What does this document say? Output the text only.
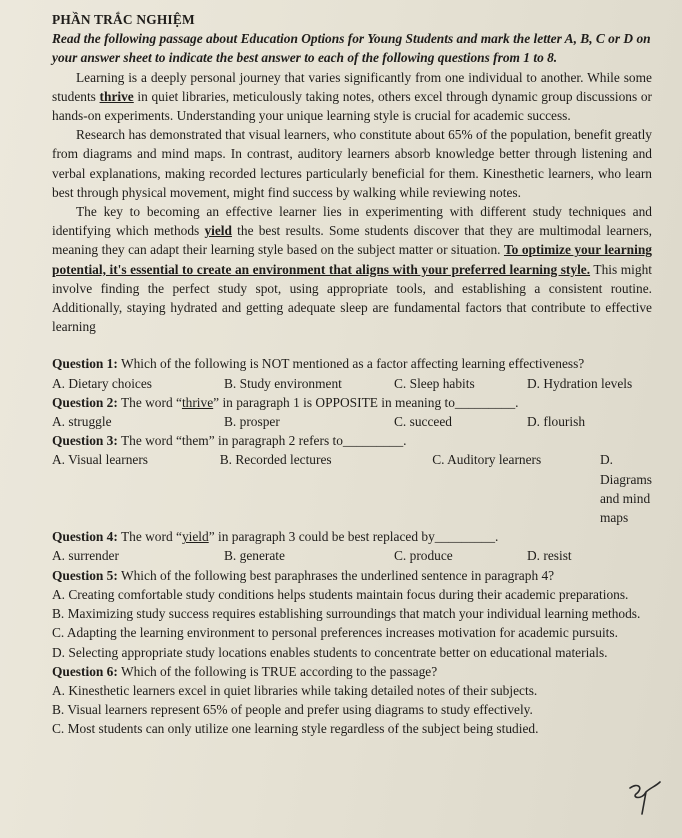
PHẦN TRẮC NGHIỆM

Read the following passage about Education Options for Young Students and mark the letter A, B, C or D on your answer sheet to indicate the best answer to each of the following questions from 1 to 8.

Learning is a deeply personal journey that varies significantly from one individual to another. While some students thrive in quiet libraries, meticulously taking notes, others excel through dynamic group discussions or hands-on experiments. Understanding your unique learning style is crucial for academic success.

Research has demonstrated that visual learners, who constitute about 65% of the population, benefit greatly from diagrams and mind maps. In contrast, auditory learners absorb knowledge better through listening and verbal explanations, making recorded lectures particularly beneficial for them. Kinesthetic learners, who learn best through physical movement, might find success by walking while reviewing notes.

The key to becoming an effective learner lies in experimenting with different study techniques and identifying which methods yield the best results. Some students discover that they are multimodal learners, meaning they can adapt their learning style based on the subject matter or situation. To optimize your learning potential, it's essential to create an environment that aligns with your preferred learning style. This might involve finding the perfect study spot, using appropriate tools, and establishing a consistent routine. Additionally, staying hydrated and getting adequate sleep are fundamental factors that contribute to effective learning

Question 1: Which of the following is NOT mentioned as a factor affecting learning effectiveness?

A. Dietary choices	B. Study environment	C. Sleep habits	D. Hydration levels

Question 2: The word “thrive” in paragraph 1 is OPPOSITE in meaning to_________.

A. struggle	B. prosper	C. succeed	D. flourish

Question 3: The word “them” in paragraph 2 refers to_________.

A. Visual learners	B. Recorded lectures	C. Auditory learners	D. Diagrams and mind maps

Question 4: The word “yield” in paragraph 3 could be best replaced by_________.

A. surrender	B. generate	C. produce	D. resist

Question 5: Which of the following best paraphrases the underlined sentence in paragraph 4?

A. Creating comfortable study conditions helps students maintain focus during their academic preparations.

B. Maximizing study success requires establishing surroundings that match your individual learning methods.

C. Adapting the learning environment to personal preferences increases motivation for academic pursuits.

D. Selecting appropriate study locations enables students to concentrate better on educational materials.

Question 6: Which of the following is TRUE according to the passage?

A. Kinesthetic learners excel in quiet libraries while taking detailed notes of their subjects.

B. Visual learners represent 65% of people and prefer using diagrams to study effectively.

C. Most students can only utilize one learning style regardless of the subject being studied.
